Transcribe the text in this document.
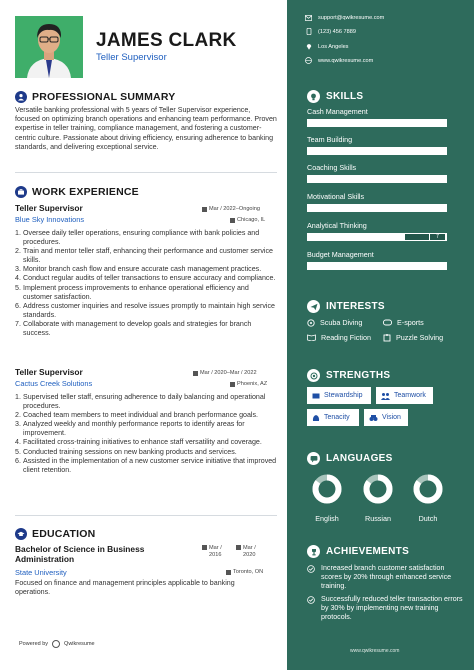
JAMES CLARK
Teller Supervisor
PROFESSIONAL SUMMARY
Versatile banking professional with 5 years of Teller Supervisor experience, focused on optimizing branch operations and enhancing team performance. Proven expertise in teller training, compliance management, and fostering a customer-centric culture. Passionate about driving efficiency, ensuring adherence to banking standards, and delivering exceptional service.
WORK EXPERIENCE
Teller Supervisor	Mar / 2022–Ongoing
Blue Sky Innovations	Chicago, IL
1. Oversee daily teller operations, ensuring compliance with bank policies and procedures.
2. Train and mentor teller staff, enhancing their performance and customer service skills.
3. Monitor branch cash flow and ensure accurate cash management practices.
4. Conduct regular audits of teller transactions to ensure accuracy and compliance.
5. Implement process improvements to enhance operational efficiency and customer satisfaction.
6. Address customer inquiries and resolve issues promptly to maintain high service standards.
7. Collaborate with management to develop goals and strategies for branch success.
Teller Supervisor	Mar / 2020–Mar / 2022
Cactus Creek Solutions	Phoenix, AZ
1. Supervised teller staff, ensuring adherence to daily balancing and operational procedures.
2. Coached team members to meet individual and branch performance goals.
3. Analyzed weekly and monthly performance reports to identify areas for improvement.
4. Facilitated cross-training initiatives to enhance staff versatility and coverage.
5. Conducted training sessions on new banking products and services.
6. Assisted in the implementation of a new customer service initiative that improved client retention.
EDUCATION
Bachelor of Science in Business Administration
Mar / 2016
Mar / 2020
State University	Toronto, ON
Focused on finance and management principles applicable to banking operations.
Powered by	Qwikresume
support@qwikresume.com
(123) 456 7889
Los Angeles
www.qwikresume.com
SKILLS
Cash Management
10
Team Building
10
Coaching Skills
10
Motivational Skills
10
Analytical Thinking
7
Budget Management
10
INTERESTS
Scuba Diving	E-sports
Reading Fiction	Puzzle Solving
STRENGTHS
Stewardship	Teamwork
Tenacity	Vision
LANGUAGES
English	Russian	Dutch
ACHIEVEMENTS
Increased branch customer satisfaction scores by 20% through enhanced service training.
Successfully reduced teller transaction errors by 30% by implementing new training protocols.
www.qwikresume.com
